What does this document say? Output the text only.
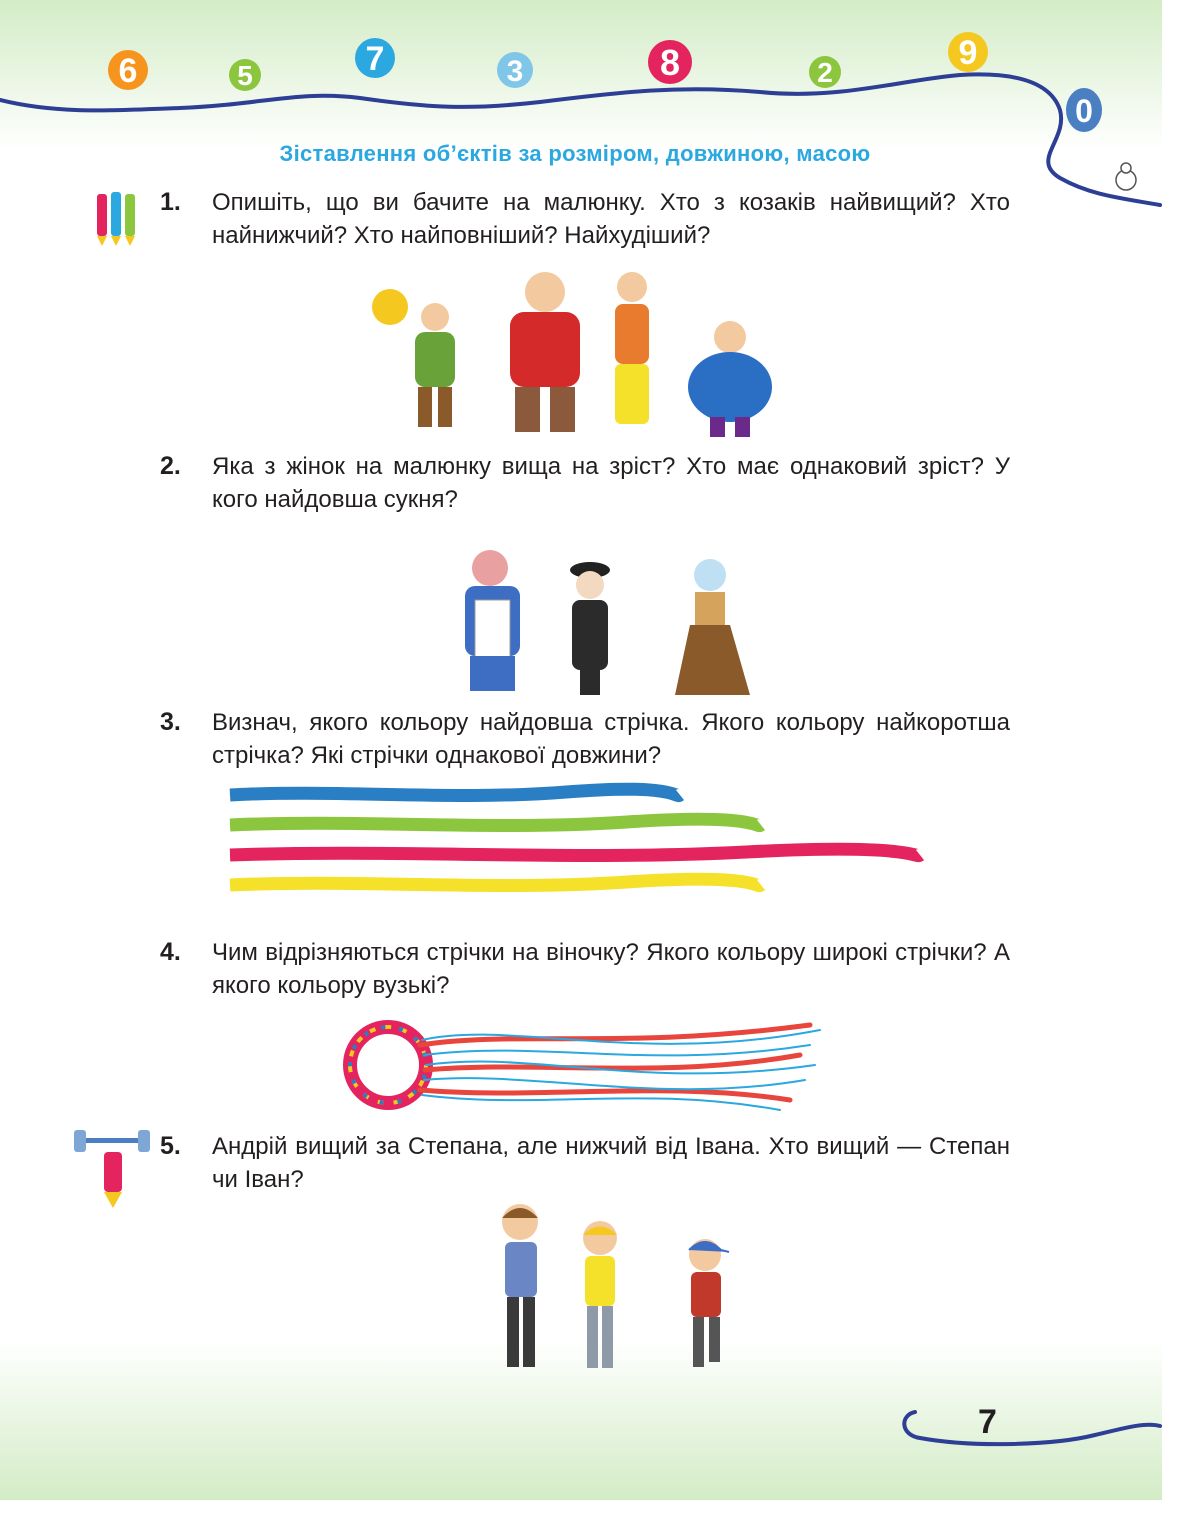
6	5	7	3	8	2
9
0
Зіставлення об’єктів за розміром, довжиною, масою
1. Опишіть, що ви бачите на малюнку. Хто з козаків найвищий? Хто найнижчий? Хто найповніший? Найхудіший?
2. Яка з жінок на малюнку вища на зріст? Хто має однаковий зріст? У кого найдовша сукня?
3. Визнач, якого кольору найдовша стрічка. Якого кольору найкоротша стрічка? Які стрічки однакової довжини?
4. Чим відрізняються стрічки на віночку? Якого кольору широкі стрічки? А якого кольору вузькі?
5. Андрій вищий за Степана, але нижчий від Івана. Хто вищий — Степан чи Іван?
7
